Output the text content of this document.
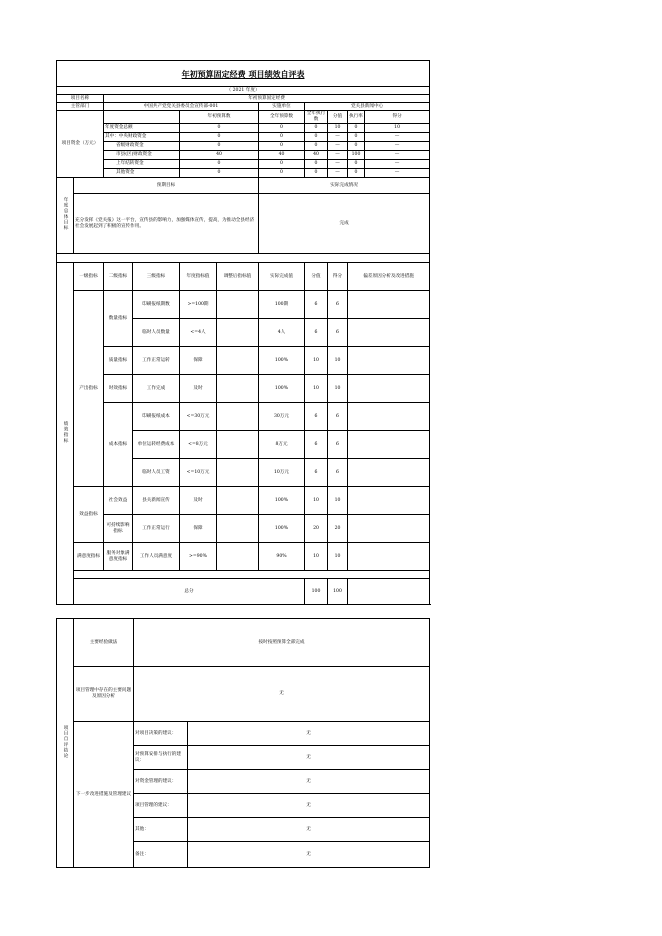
年初预算固定经费 项目绩效自评表										
（ 2021 年度）										
项目名称		年初预算固定经费								
主管部门		中国共产党党关县委员会宣传部-001				实施单位	党关县新闻中心			
项目资金（万元）				年初预算数		全年预算数	全年执行数	分值	执行率	得分
		年度资金总额		0		0	0	10	0	10
		其中：中央财政资金		0		0	0	—	0	—
		省级财政资金		0		0	0	—	0	—
		市县(区)财政资金		40		40	40	—	100	—
		上年结转资金		0		0	0	—	0	—
		其他资金		0		0	0	—	0	—
年度总体目标	预期目标					实际完成情况				
	充分发挥《党关报》这一平台，宣传县的影响力，加强媒体宣传，提高，为推动全县经济社会发展起到了积极的宣传作用。					完成				

绩效指标	一级指标	二级指标	三级指标	年度指标值	调整后指标值	实际完成值	分值	得分	偏差原因分析及改进措施	
	产出指标	数量指标	印刷报纸期数	>=100期		100期	6	6		
			临时人员数量	<=4人		4人	6	6		
		质量指标	工作正常运转	保障		100%	10	10		
		时效指标	工作完成	及时		100%	10	10		
		成本指标	印刷报纸成本	<=30万元		30万元	6	6		
			单位运转经费成本	<=8万元		8万元	6	6		
			临时人员工资	<=10万元		10万元	6	6		
	效益指标	社会效益	县关新闻宣传	及时		100%	10	10		
		可持续影响指标	工作正常运行	保障		100%	20	20		
	满意度指标	服务对象满意度指标	工作人员满意度	>=90%		90%	10	10		

	总分						100	100		
项目自评结论	主要经验做法	按时按照预算全部完成	
	项目管理中存在的主要问题及原因分析	无	
	下一步改进措施及管理建议	对项目决策的建议：	无
		对预算安排与执行的建议：	无
		对资金管理的建议：	无
		项目管理的建议：	无
		其他：	无
		备注：	无
